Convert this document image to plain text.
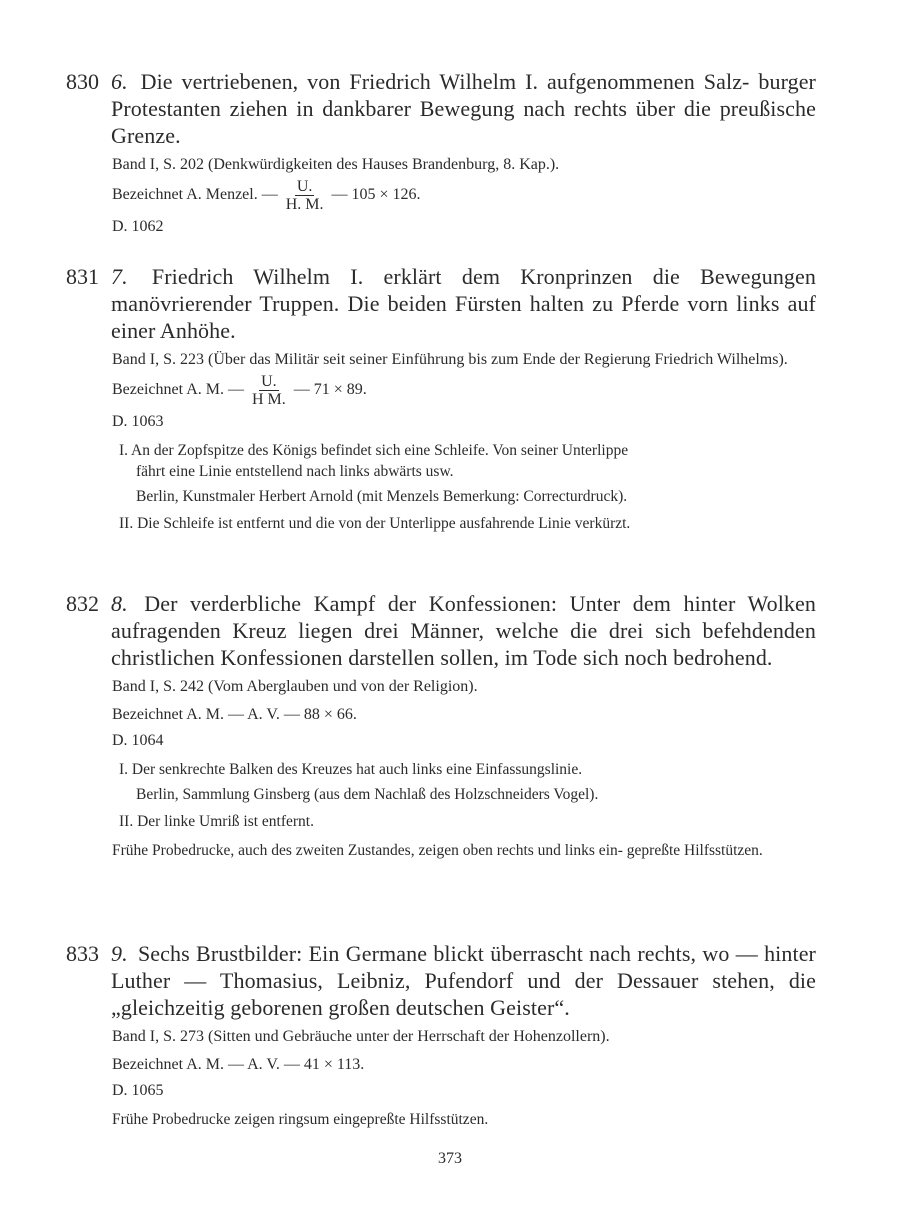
830 6. Die vertriebenen, von Friedrich Wilhelm I. aufgenommenen Salz‑ burger Protestanten ziehen in dankbarer Bewegung nach rechts über die preußische Grenze.
Band I, S. 202 (Denkwürdigkeiten des Hauses Brandenburg, 8. Kap.).
Bezeichnet A. Menzel. — $\frac{U.}{H. M.}$ — 105 × 126.
D. 1062
831 7. Friedrich Wilhelm I. erklärt dem Kronprinzen die Bewegungen manövrierender Truppen. Die beiden Fürsten halten zu Pferde vorn links auf einer Anhöhe.
Band I, S. 223 (Über das Militär seit seiner Einführung bis zum Ende der Regierung Friedrich Wilhelms).
Bezeichnet A. M. — $\frac{U.}{\text{H M.}}$ — 71 × 89.
D. 1063

I. An der Zopfspitze des Königs befindet sich eine Schleife. Von seiner Unterlippe

fährt eine Linie entstellend nach links abwärts usw.
Berlin, Kunstmaler Herbert Arnold (mit Menzels Bemerkung: Correcturdruck).

II. Die Schleife ist entfernt und die von der Unterlippe ausfahrende Linie verkürzt.

832 8. Der verderbliche Kampf der Konfessionen: Unter dem hinter Wolken aufragenden Kreuz liegen drei Männer, welche die drei sich befehdenden christlichen Konfessionen darstellen sollen, im Tode sich noch bedrohend.
Band I, S. 242 (Vom Aberglauben und von der Religion).
Bezeichnet A. M. — A. V. — 88 × 66.
D. 1064

I. Der senkrechte Balken des Kreuzes hat auch links eine Einfassungslinie.

Berlin, Sammlung Ginsberg (aus dem Nachlaß des Holzschneiders Vogel).

II. Der linke Umriß ist entfernt.

Frühe Probedrucke, auch des zweiten Zustandes, zeigen oben rechts und links ein‑ gepreßte Hilfsstützen.
833 9. Sechs Brustbilder: Ein Germane blickt überrascht nach rechts, wo — hinter Luther — Thomasius, Leibniz, Pufendorf und der Dessauer stehen, die „gleichzeitig geborenen großen deutschen Geister“.
Band I, S. 273 (Sitten und Gebräuche unter der Herrschaft der Hohenzollern).
Bezeichnet A. M. — A. V. — 41 × 113.
D. 1065
Frühe Probedrucke zeigen ringsum eingepreßte Hilfsstützen.
373
